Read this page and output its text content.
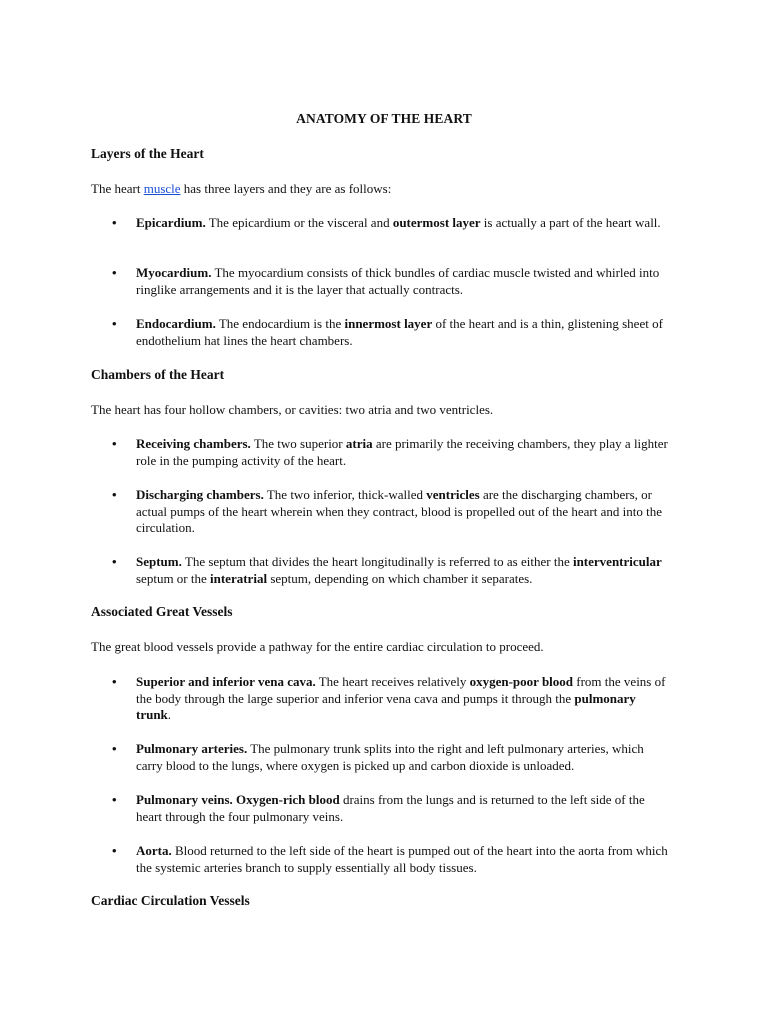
ANATOMY OF THE HEART
Layers of the Heart
The heart muscle has three layers and they are as follows:
• Epicardium. The epicardium or the visceral and outermost layer is actually a part of the heart wall.
• Myocardium. The myocardium consists of thick bundles of cardiac muscle twisted and whirled into ringlike arrangements and it is the layer that actually contracts.
• Endocardium. The endocardium is the innermost layer of the heart and is a thin, glistening sheet of endothelium hat lines the heart chambers.
Chambers of the Heart
The heart has four hollow chambers, or cavities: two atria and two ventricles.
• Receiving chambers. The two superior atria are primarily the receiving chambers, they play a lighter role in the pumping activity of the heart.
• Discharging chambers. The two inferior, thick-walled ventricles are the discharging chambers, or actual pumps of the heart wherein when they contract, blood is propelled out of the heart and into the circulation.
• Septum. The septum that divides the heart longitudinally is referred to as either the interventricular septum or the interatrial septum, depending on which chamber it separates.
Associated Great Vessels
The great blood vessels provide a pathway for the entire cardiac circulation to proceed.
• Superior and inferior vena cava. The heart receives relatively oxygen-poor blood from the veins of the body through the large superior and inferior vena cava and pumps it through the pulmonary trunk.
• Pulmonary arteries. The pulmonary trunk splits into the right and left pulmonary arteries, which carry blood to the lungs, where oxygen is picked up and carbon dioxide is unloaded.
• Pulmonary veins. Oxygen-rich blood drains from the lungs and is returned to the left side of the heart through the four pulmonary veins.
• Aorta. Blood returned to the left side of the heart is pumped out of the heart into the aorta from which the systemic arteries branch to supply essentially all body tissues.
Cardiac Circulation Vessels
